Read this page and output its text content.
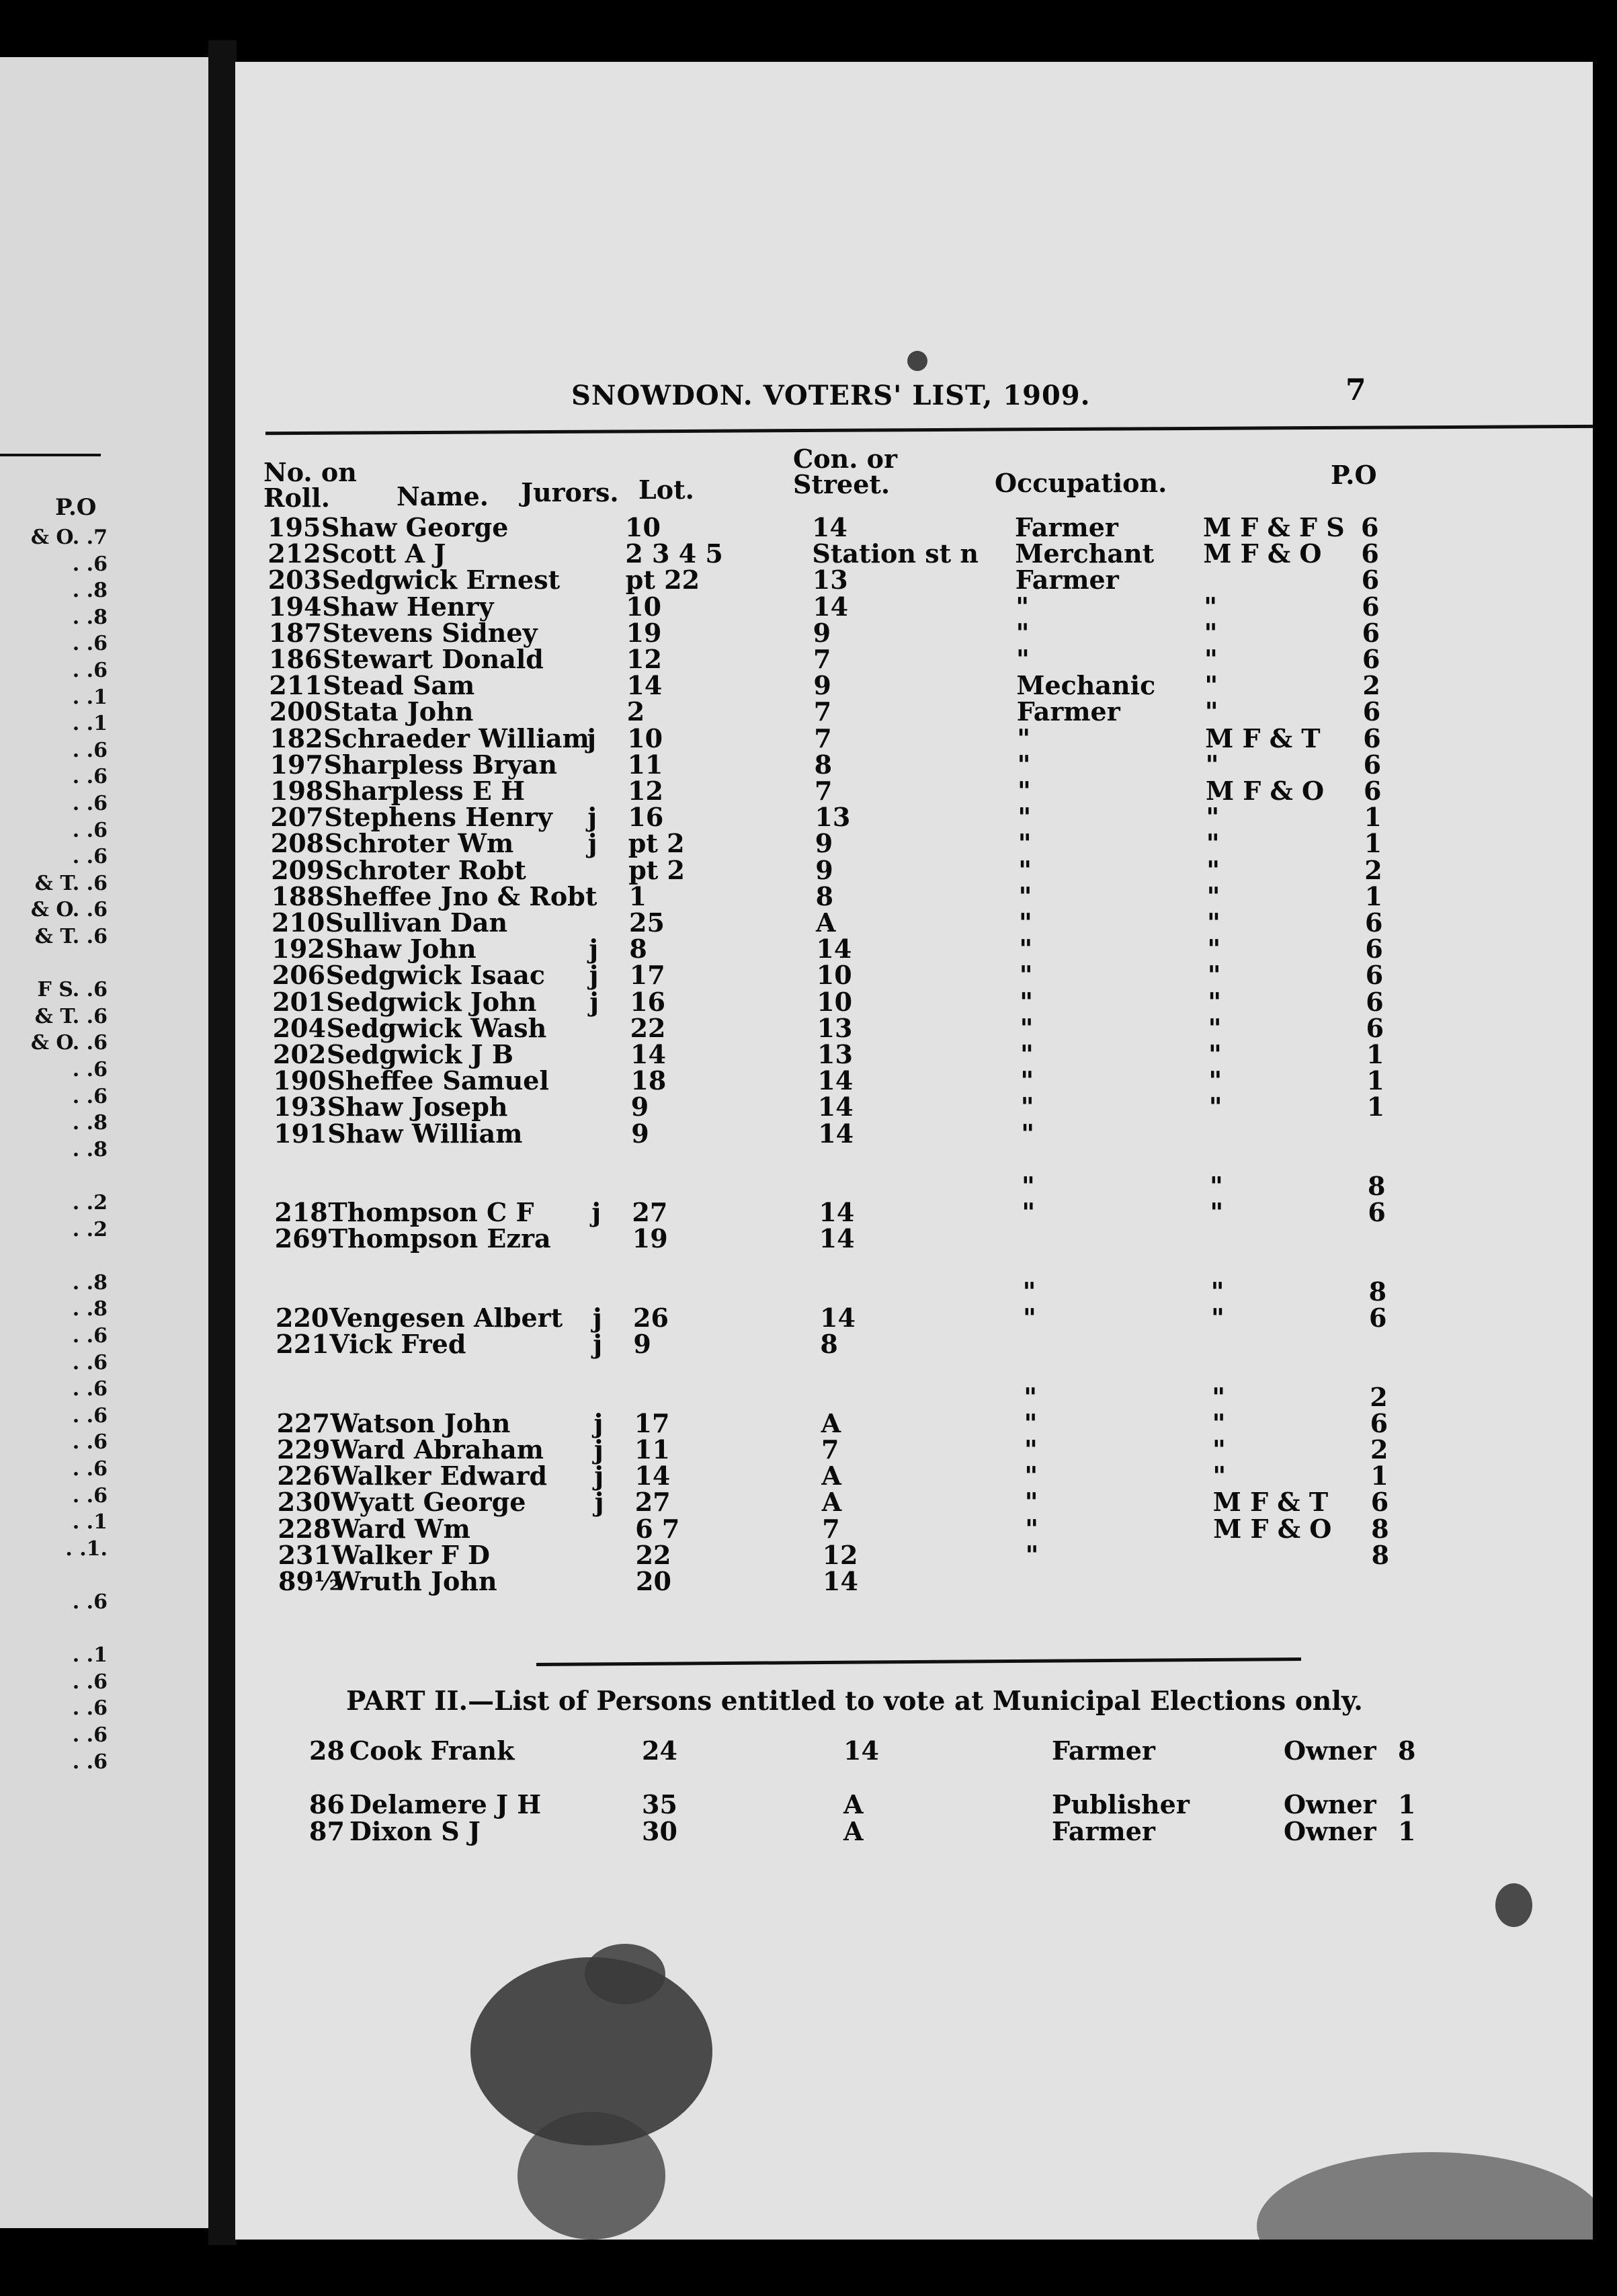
P.O
& O. .7
. .6
. .8
. .8
. .6
. .6
. .1
. .1
. .6
. .6
. .6
. .6
. .6
& T. .6
& O. .6
& T. .6
F S. .6
& T. .6
& O. .6
. .6
. .6
. .8
. .8
. .2
. .2
. .8
. .8
. .6
. .6
. .6
. .6
. .6
. .6
. .6
. .1
. .1.
. .6
. .1
. .6
. .6
. .6
. .6
SNOWDON. VOTERS' LIST, 1909.	7
No. on
Roll.	Name. Jurors. Lot.
Con. or
Street.	Occupation.	P.O
195 Shaw George	10	14	Farmer	M F & F S 6
212 Scott A J	2 3 4 5	Station st n Merchant M F & O 6
203 Sedgwick Ernest	pt 22	13	Farmer	6
194 Shaw Henry	10	14	"	"	6
187 Stevens Sidney	19	9	"	"	6
186 Stewart Donald	12	7	"	"	6
211 Stead Sam	14	9	Mechanic "	2
200 Stata John	2	7	Farmer	"	6
182 Schraeder William
j 10	7	"	M F & T 6
197 Sharpless Bryan	11	8	"	"	6
198 Sharpless E H	12	7	"	M F & O 6
207 Stephens Henry j 16	13	"	"	1
208 Schroter Wm	j pt 2	9	"	"	1
209 Schroter Robt	pt 2	9	"	"	2
188 Sheffee Jno & Robt 1	8	"	"	1
210 Sullivan Dan	25	A	"	"	6
192 Shaw John	j 8	14	"	"	6
206 Sedgwick Isaac j 17	10	"	"	6
201 Sedgwick John j 16	10	"	"	6
204 Sedgwick Wash	22	13	"	"	6
202 Sedgwick J B	14	13	"	"	1
190 Sheffee Samuel	18	14	"	"	1
193 Shaw Joseph	9	14	"	"	1
191 Shaw William	9	14	"
"	"	8
218 Thompson C F j 27	14	"	"	6
269 Thompson Ezra	19	14
"	"	8
220 Vengesen Albert j 26	14	"	"	6
221 Vick Fred	j 9	8
"	"	2
227 Watson John	j 17	A	"	"	6
229 Ward Abraham j 11	7	"	"	2
226 Walker Edward j 14	A	"	"	1
230 Wyatt George	j 27	A	"	M F & T 6
228 Ward Wm	6 7	7	"	M F & O 8
231 Walker F D	22	12	"	8
89½
Wruth John	20	14
PART II.—List of Persons entitled to vote at Municipal Elections only.
28 Cook Frank	24	14	Farmer	Owner 8
86 Delamere J H	35	A	Publisher	Owner 1
87 Dixon S J	30	A	Farmer	Owner 1
